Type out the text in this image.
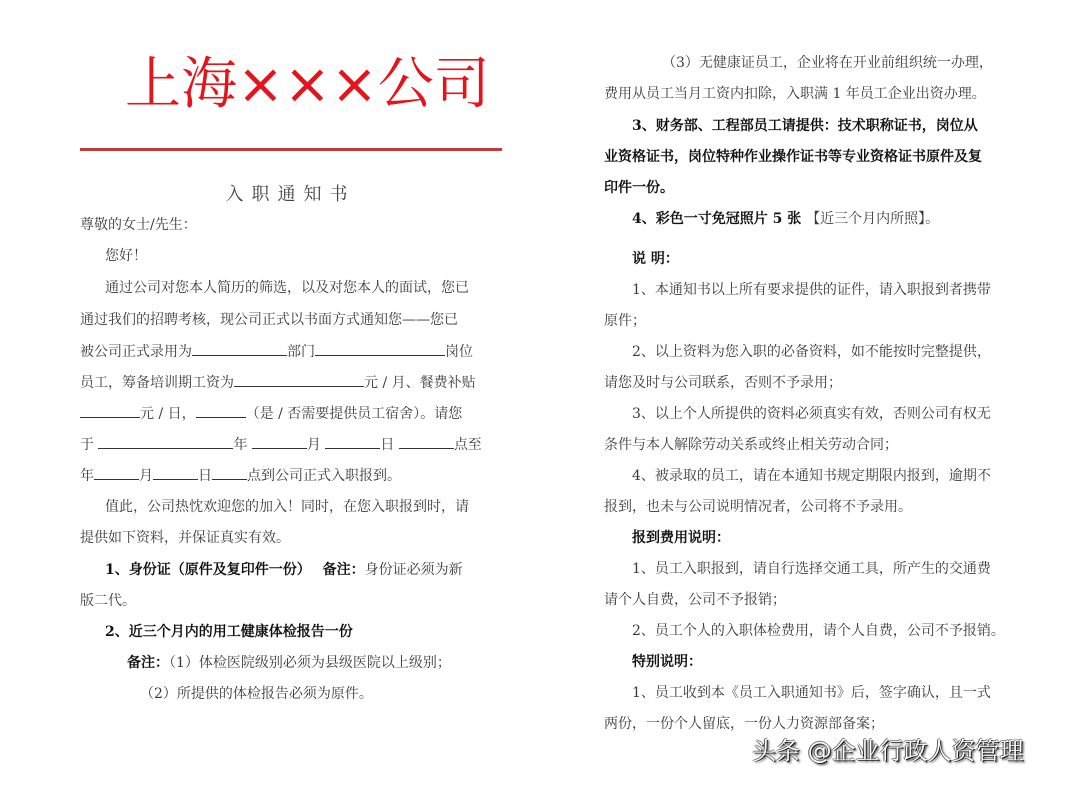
上海×××公司
入职通知书
尊敬的女士/先生：
您好！
通过公司对您本人简历的筛选，以及对您本人的面试，您已
通过我们的招聘考核，现公司正式以书面方式通知您——您已
被公司正式录用为	部门	岗位
员工，筹备培训期工资为	元 / 月、餐费补贴
元 / 日，	（是 / 否需要提供员工宿舍）。请您
于	年	月	日	点至
年	月	日	点到公司正式入职报到。
值此，公司热忱欢迎您的加入！同时，在您入职报到时，请
提供如下资料，并保证真实有效。
1、身份证（原件及复印件一份）　 备注：身份证必须为新
版二代。
2、近三个月内的用工健康体检报告一份
备注：（1）体检医院级别必须为县级医院以上级别；
（2）所提供的体检报告必须为原件。
（3）无健康证员工，企业将在开业前组织统一办理，
费用从员工当月工资内扣除，入职满 1 年员工企业出资办理。
3、财务部、工程部员工请提供：技术职称证书，岗位从
业资格证书，岗位特种作业操作证书等专业资格证书原件及复
印件一份。
4、彩色一寸免冠照片 5 张 【近三个月内所照】。
说 明：
1、本通知书以上所有要求提供的证件，请入职报到者携带
原件；
2、以上资料为您入职的必备资料，如不能按时完整提供，
请您及时与公司联系，否则不予录用；
3、以上个人所提供的资料必须真实有效，否则公司有权无
条件与本人解除劳动关系或终止相关劳动合同；
4、被录取的员工，请在本通知书规定期限内报到，逾期不
报到，也未与公司说明情况者，公司将不予录用。
报到费用说明：
1、员工入职报到，请自行选择交通工具，所产生的交通费
请个人自费，公司不予报销；
2、员工个人的入职体检费用，请个人自费，公司不予报销。
特别说明：
1、员工收到本《员工入职通知书》后，签字确认，且一式
两份，一份个人留底，一份人力资源部备案；
头条 @企业行政人资管理
